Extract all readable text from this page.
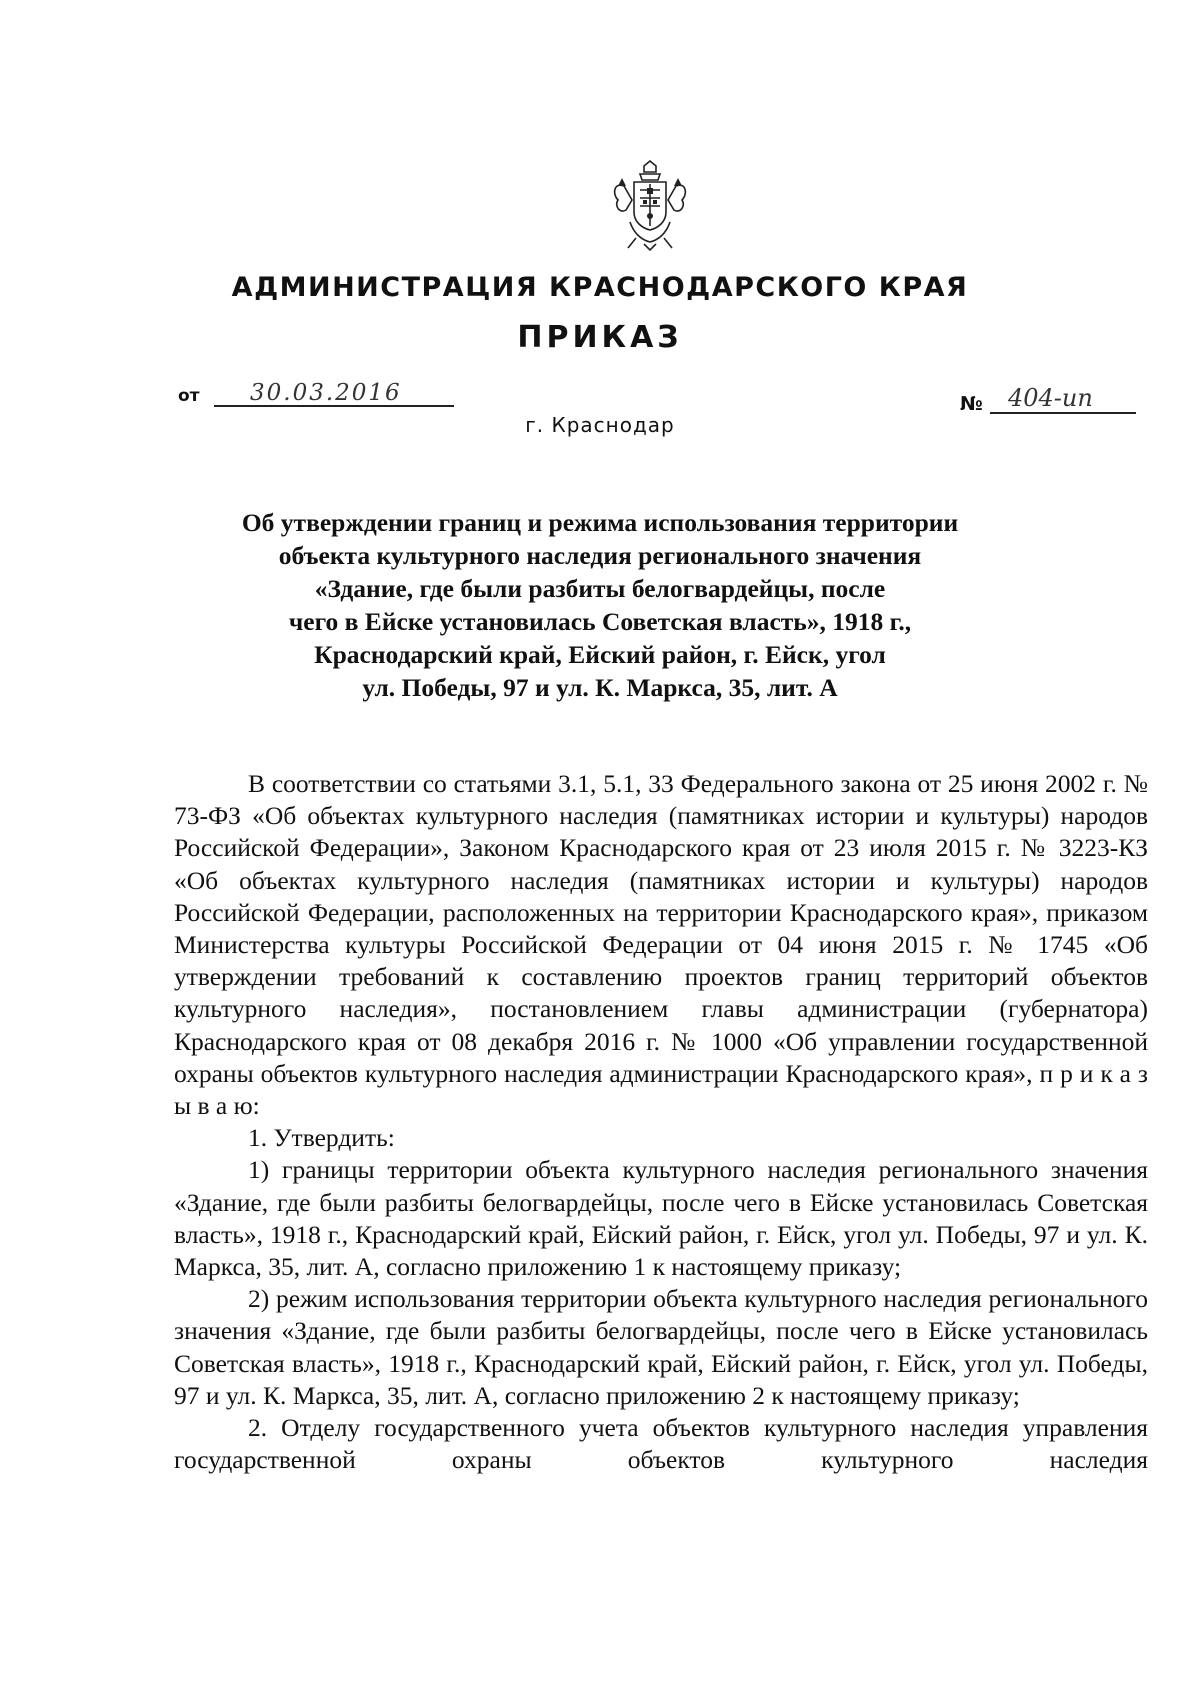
АДМИНИСТРАЦИЯ КРАСНОДАРСКОГО КРАЯ
ПРИКАЗ
от 30.03.2016	№ 404-ип
г. Краснодар
Об утверждении границ и режима использования территории
объекта культурного наследия регионального значения
«Здание, где были разбиты белогвардейцы, после
чего в Ейске установилась Советская власть», 1918 г.,
Краснодарский край, Ейский район, г. Ейск, угол
ул. Победы, 97 и ул. К. Маркса, 35, лит. А

В соответствии со статьями 3.1, 5.1, 33 Федерального закона от 25 июня 2002 г. № 73-ФЗ «Об объектах культурного наследия (памятниках истории и культуры) народов Российской Федерации», Законом Краснодарского края от 23 июля 2015 г. № 3223-КЗ «Об объектах культурного наследия (памятниках истории и культуры) народов Российской Федерации, расположенных на территории Краснодарского края», приказом Министерства культуры Российской Федерации от 04 июня 2015 г. № 1745 «Об утверждении требований к составлению проектов границ территорий объектов культурного наследия», постановлением главы администрации (губернатора) Краснодарского края от 08 декабря 2016 г. № 1000 «Об управлении государственной охраны объектов культурного наследия администрации Краснодарского края», п р и к а з ы в а ю:

1. Утвердить:

1) границы территории объекта культурного наследия регионального значения «Здание, где были разбиты белогвардейцы, после чего в Ейске установилась Советская власть», 1918 г., Краснодарский край, Ейский район, г. Ейск, угол ул. Победы, 97 и ул. К. Маркса, 35, лит. А, согласно приложению 1 к настоящему приказу;

2) режим использования территории объекта культурного наследия регионального значения «Здание, где были разбиты белогвардейцы, после чего в Ейске установилась Советская власть», 1918 г., Краснодарский край, Ейский район, г. Ейск, угол ул. Победы, 97 и ул. К. Маркса, 35, лит. А, согласно приложению 2 к настоящему приказу;

2. Отделу государственного учета объектов культурного наследия управления государственной охраны объектов культурного наследия
